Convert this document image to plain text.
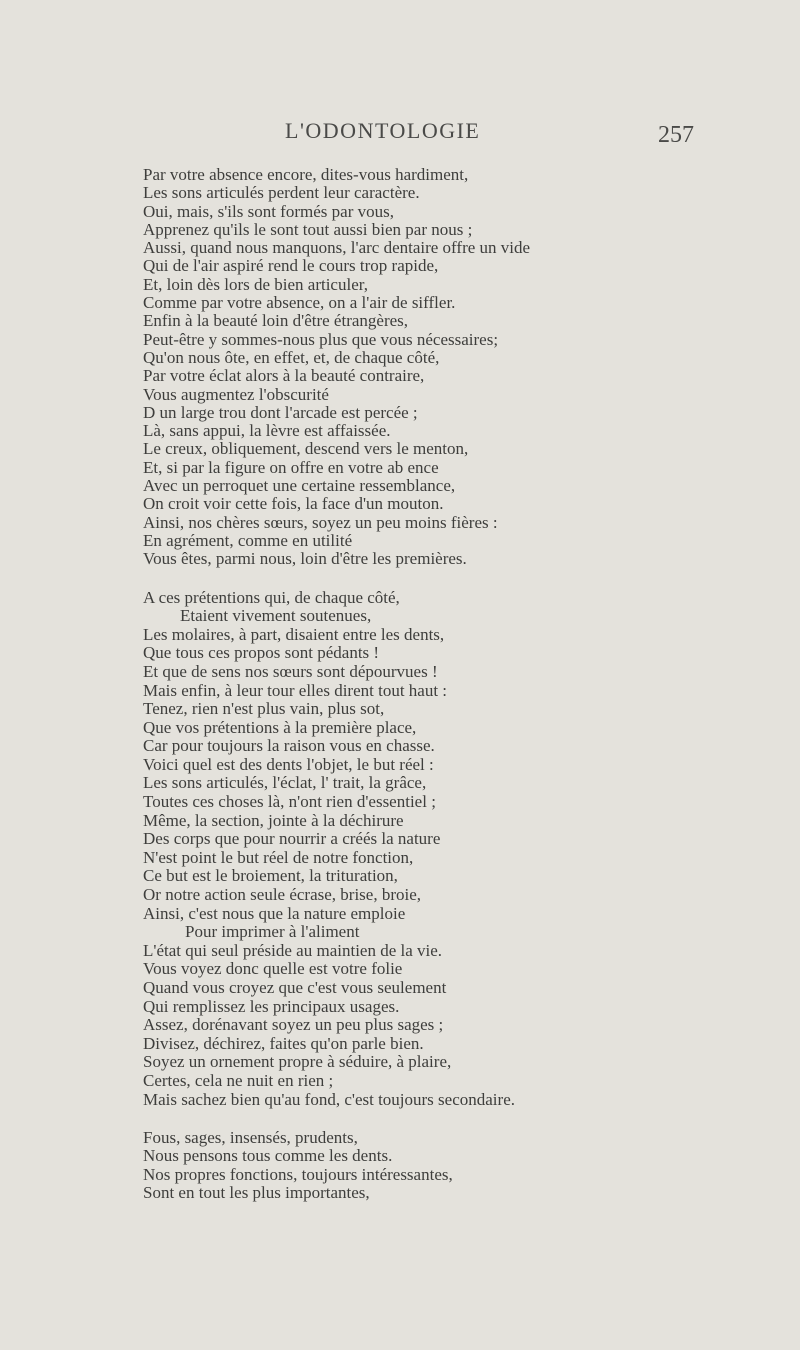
L'ODONTOLOGIE	257
Par votre absence encore, dites-vous hardiment,
Les sons articulés perdent leur caractère.
Oui, mais, s'ils sont formés par vous,
Apprenez qu'ils le sont tout aussi bien par nous ;
Aussi, quand nous manquons, l'arc dentaire offre un vide
Qui de l'air aspiré rend le cours trop rapide,
Et, loin dès lors de bien articuler,
Comme par votre absence, on a l'air de siffler.
Enfin à la beauté loin d'être étrangères,
Peut-être y sommes-nous plus que vous nécessaires;
Qu'on nous ôte, en effet, et, de chaque côté,
Par votre éclat alors à la beauté contraire,
Vous augmentez l'obscurité
D un large trou dont l'arcade est percée ;
Là, sans appui, la lèvre est affaissée.
Le creux, obliquement, descend vers le menton,
Et, si par la figure on offre en votre ab ence
Avec un perroquet une certaine ressemblance,
On croit voir cette fois, la face d'un mouton.
Ainsi, nos chères sœurs, soyez un peu moins fières :
En agrément, comme en utilité
Vous êtes, parmi nous, loin d'être les premières.
A ces prétentions qui, de chaque côté,
Etaient vivement soutenues,
Les molaires, à part, disaient entre les dents,
Que tous ces propos sont pédants !
Et que de sens nos sœurs sont dépourvues !
Mais enfin, à leur tour elles dirent tout haut :
Tenez, rien n'est plus vain, plus sot,
Que vos prétentions à la première place,
Car pour toujours la raison vous en chasse.
Voici quel est des dents l'objet, le but réel :
Les sons articulés, l'éclat, l' trait, la grâce,
Toutes ces choses là, n'ont rien d'essentiel ;
Même, la section, jointe à la déchirure
Des corps que pour nourrir a créés la nature
N'est point le but réel de notre fonction,
Ce but est le broiement, la trituration,
Or notre action seule écrase, brise, broie,
Ainsi, c'est nous que la nature emploie
Pour imprimer à l'aliment
L'état qui seul préside au maintien de la vie.
Vous voyez donc quelle est votre folie
Quand vous croyez que c'est vous seulement
Qui remplissez les principaux usages.
Assez, dorénavant soyez un peu plus sages ;
Divisez, déchirez, faites qu'on parle bien.
Soyez un ornement propre à séduire, à plaire,
Certes, cela ne nuit en rien ;
Mais sachez bien qu'au fond, c'est toujours secondaire.
Fous, sages, insensés, prudents,
Nous pensons tous comme les dents.
Nos propres fonctions, toujours intéressantes,
Sont en tout les plus importantes,
